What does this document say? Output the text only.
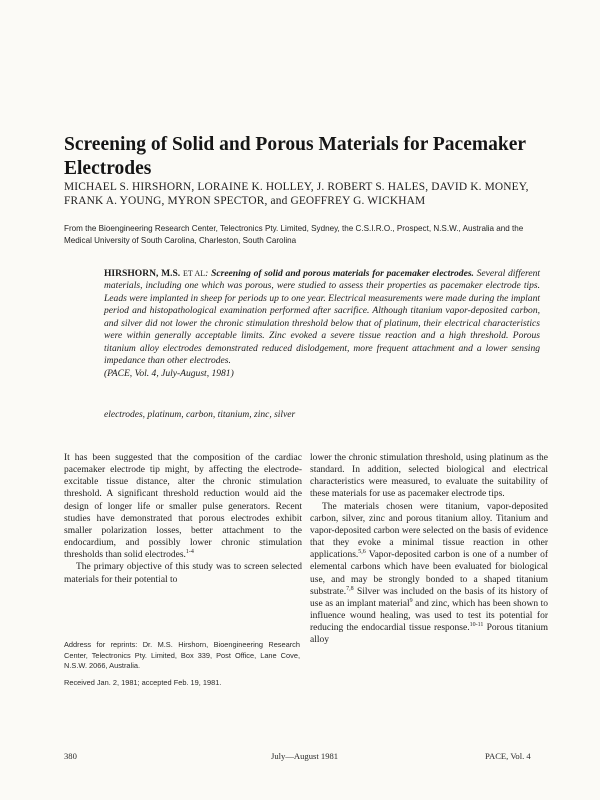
Screening of Solid and Porous Materials for Pacemaker Electrodes
MICHAEL S. HIRSHORN, LORAINE K. HOLLEY, J. ROBERT S. HALES, DAVID K. MONEY, FRANK A. YOUNG, MYRON SPECTOR, and GEOFFREY G. WICKHAM
From the Bioengineering Research Center, Telectronics Pty. Limited, Sydney, the C.S.I.R.O., Prospect, N.S.W., Australia and the Medical University of South Carolina, Charleston, South Carolina
HIRSHORN, M.S. ET AL: Screening of solid and porous materials for pacemaker electrodes. Several different materials, including one which was porous, were studied to assess their properties as pacemaker electrode tips. Leads were implanted in sheep for periods up to one year. Electrical measurements were made during the implant period and histopathological examination performed after sacrifice. Although titanium vapor-deposited carbon, and silver did not lower the chronic stimulation threshold below that of platinum, their electrical characteristics were within generally acceptable limits. Zinc evoked a severe tissue reaction and a high threshold. Porous titanium alloy electrodes demonstrated reduced dislodgement, more frequent attachment and a lower sensing impedance than other electrodes.
(PACE, Vol. 4, July-August, 1981)
electrodes, platinum, carbon, titanium, zinc, silver

It has been suggested that the composition of the cardiac pacemaker electrode tip might, by affecting the electrode-excitable tissue distance, alter the chronic stimulation threshold. A significant threshold reduction would aid the design of longer life or smaller pulse generators. Recent studies have demonstrated that porous electrodes exhibit smaller polarization losses, better attachment to the endocardium, and possibly lower chronic stimulation thresholds than solid electrodes.$^{1-4}$

The primary objective of this study was to screen selected materials for their potential to

lower the chronic stimulation threshold, using platinum as the standard. In addition, selected biological and electrical characteristics were measured, to evaluate the suitability of these materials for use as pacemaker electrode tips.

The materials chosen were titanium, vapor-deposited carbon, silver, zinc and porous titanium alloy. Titanium and vapor-deposited carbon were selected on the basis of evidence that they evoke a minimal tissue reaction in other applications.$^{5,6}$ Vapor-deposited carbon is one of a number of elemental carbons which have been evaluated for biological use, and may be strongly bonded to a shaped titanium substrate.$^{7,8}$ Silver was included on the basis of its history of use as an implant material$^9$ and zinc, which has been shown to influence wound healing, was used to test its potential for reducing the endocardial tissue response.$^{10-11}$ Porous titanium alloy

Address for reprints: Dr. M.S. Hirshorn, Bioengineering Research Center, Telectronics Pty. Limited, Box 339, Post Office, Lane Cove, N.S.W. 2066, Australia.

Received Jan. 2, 1981; accepted Feb. 19, 1981.

380	July—August 1981	PACE, Vol. 4
